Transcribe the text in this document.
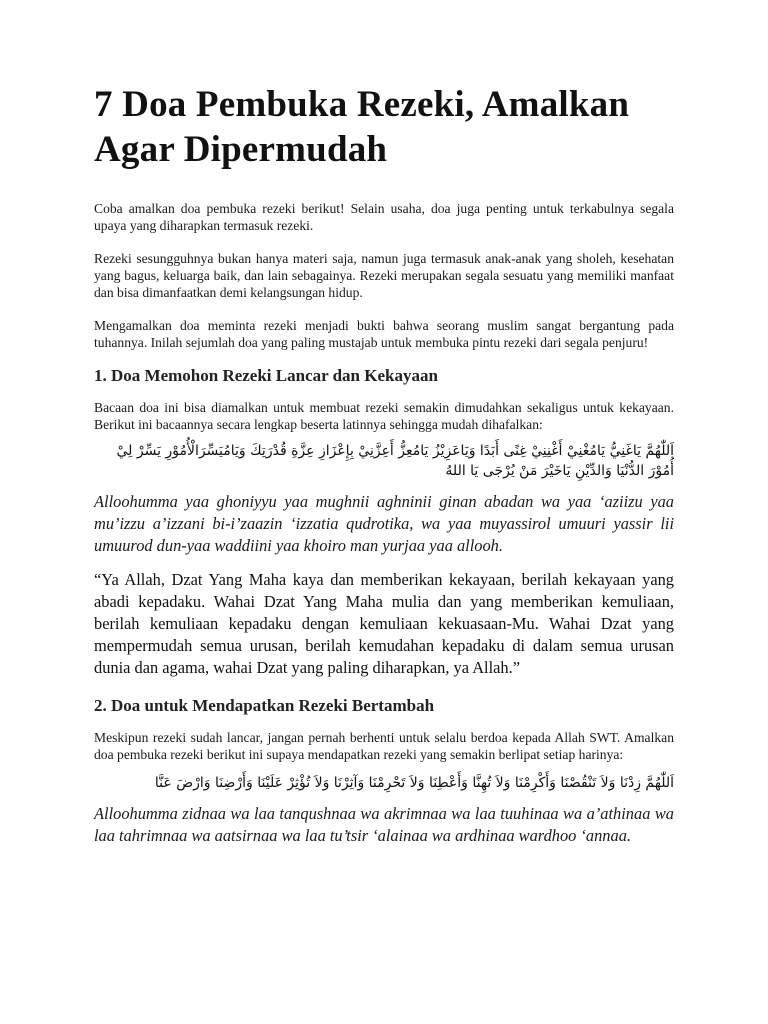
7 Doa Pembuka Rezeki, Amalkan Agar Dipermudah

Coba amalkan doa pembuka rezeki berikut! Selain usaha, doa juga penting untuk terkabulnya segala upaya yang diharapkan termasuk rezeki.

Rezeki sesungguhnya bukan hanya materi saja, namun juga termasuk anak-anak yang sholeh, kesehatan yang bagus, keluarga baik, dan lain sebagainya. Rezeki merupakan segala sesuatu yang memiliki manfaat dan bisa dimanfaatkan demi kelangsungan hidup.

Mengamalkan doa meminta rezeki menjadi bukti bahwa seorang muslim sangat bergantung pada tuhannya. Inilah sejumlah doa yang paling mustajab untuk membuka pintu rezeki dari segala penjuru!

1. Doa Memohon Rezeki Lancar dan Kekayaan

Bacaan doa ini bisa diamalkan untuk membuat rezeki semakin dimudahkan sekaligus untuk kekayaan. Berikut ini bacaannya secara lengkap beserta latinnya sehingga mudah dihafalkan:

اَللّٰهُمَّ يَاغَنِيُّ يَامُغْنِيْ أَغْنِنِيْ غِنًى أَبَدًا وَيَاعَزِيْزُ يَامُعِزُّ أَعِزَّنِيْ بِإِعْزَازِ عِزَّةِ قُدْرَتِكَ وَيَامُيَسِّرَالْأُمُوْرِ يَسِّرْ لِيْ أُمُوْرَ الدُّنْيَا وَالدِّيْنِ يَاخَيْرَ مَنْ يُرْجَى يَا اللهُ

Alloohumma yaa ghoniyyu yaa mughnii aghninii ginan abadan wa yaa ‘aziizu yaa mu’izzu a’izzani bi-i’zaazin ‘izzatia qudrotika, wa yaa muyassirol umuuri yassir lii umuurod dun-yaa waddiini yaa khoiro man yurjaa yaa allooh.

“Ya Allah, Dzat Yang Maha kaya dan memberikan kekayaan, berilah kekayaan yang abadi kepadaku. Wahai Dzat Yang Maha mulia dan yang memberikan kemuliaan, berilah kemuliaan kepadaku dengan kemuliaan kekuasaan-Mu. Wahai Dzat yang mempermudah semua urusan, berilah kemudahan kepadaku di dalam semua urusan dunia dan agama, wahai Dzat yang paling diharapkan, ya Allah.”

2. Doa untuk Mendapatkan Rezeki Bertambah

Meskipun rezeki sudah lancar, jangan pernah berhenti untuk selalu berdoa kepada Allah SWT. Amalkan doa pembuka rezeki berikut ini supaya mendapatkan rezeki yang semakin berlipat setiap harinya:

اَللّٰهُمَّ زِدْنَا وَلاَ تَنْقُصْنَا وَأَكْرِمْنَا وَلاَ تُهِنَّا وَأَعْطِنَا وَلاَ تَحْرِمْنَا وَآثِرْنَا وَلاَ تُؤْثِرْ عَلَيْنَا وَأَرْضِنَا وَارْضَ عَنَّا

Alloohumma zidnaa wa laa tanqushnaa wa akrimnaa wa laa tuuhinaa wa a’athinaa wa laa tahrimnaa wa aatsirnaa wa laa tu’tsir ‘alainaa wa ardhinaa wardhoo ‘annaa.
